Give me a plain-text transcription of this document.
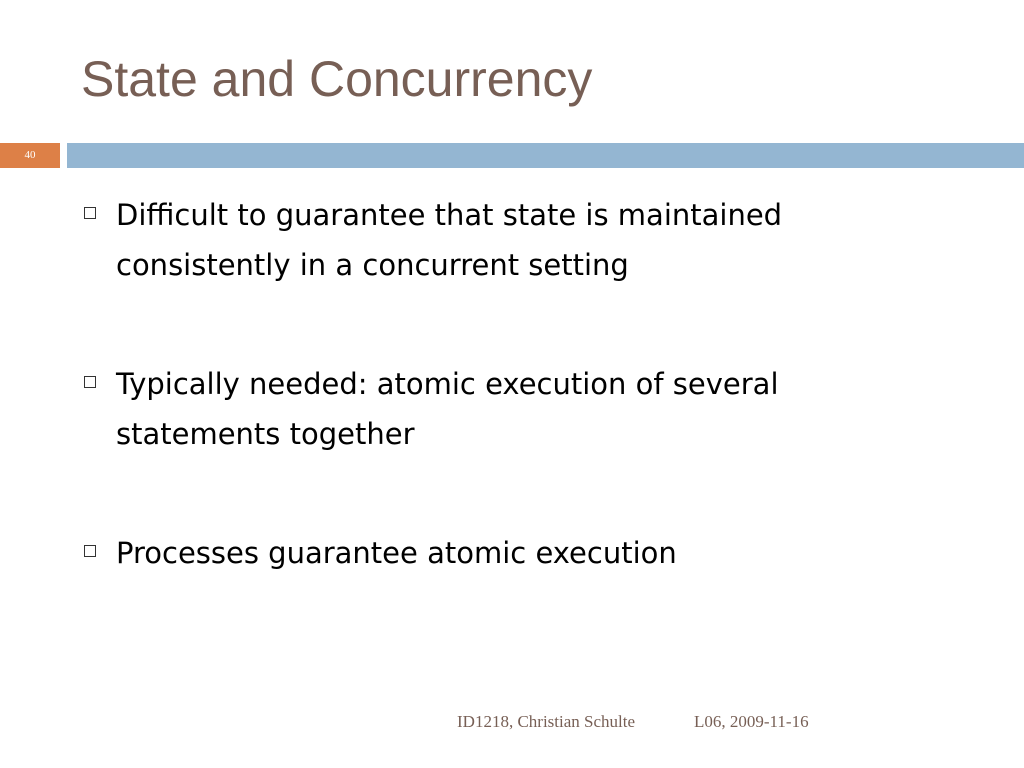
State and Concurrency
40
Difficult to guarantee that state is maintained consistently in a concurrent setting
Typically needed: atomic execution of several statements together
Processes guarantee atomic execution
ID1218, Christian Schulte	L06, 2009-11-16
